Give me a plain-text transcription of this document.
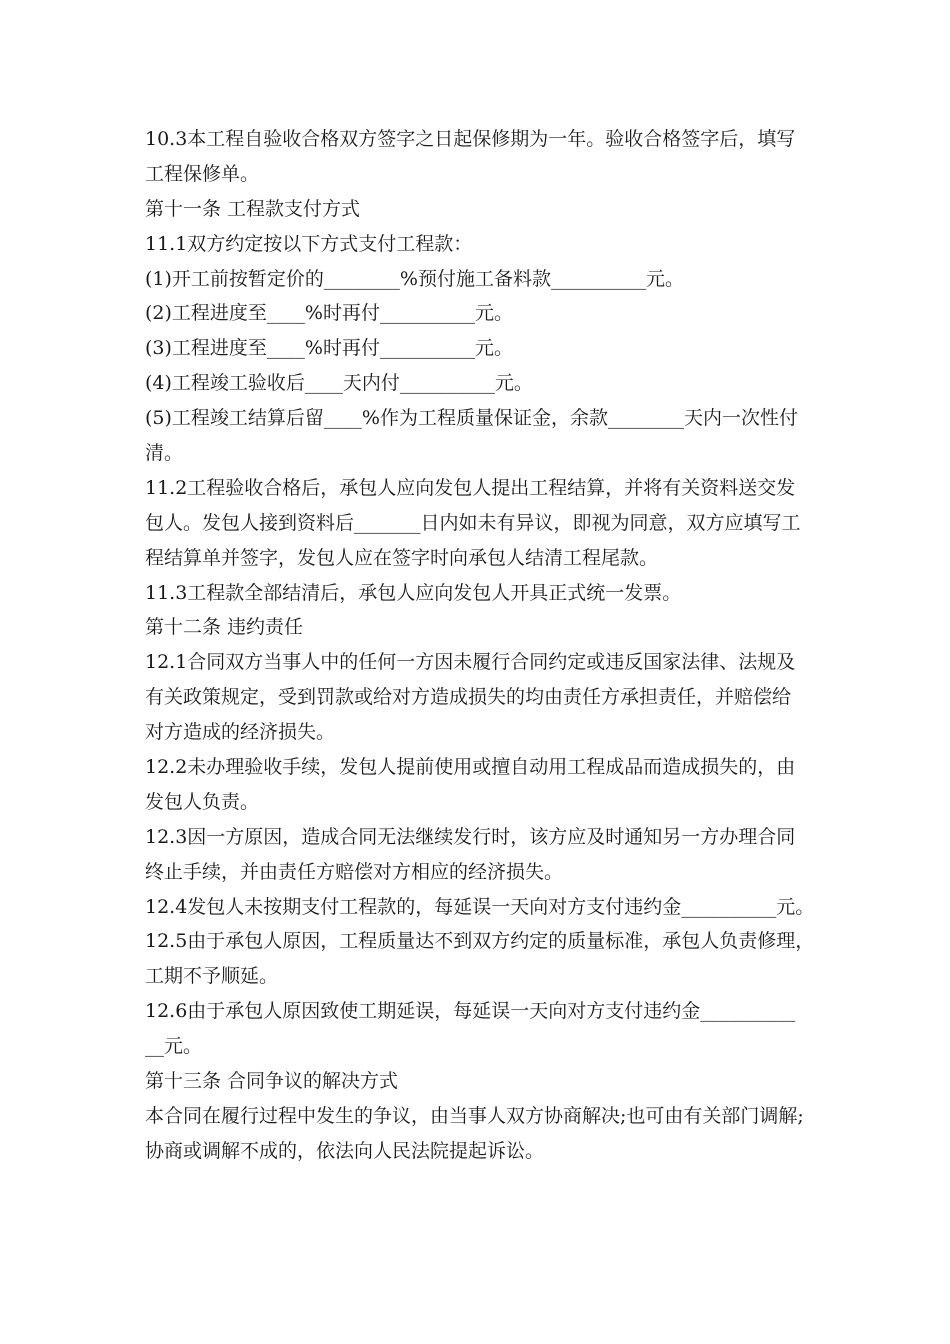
10.3本工程自验收合格双方签字之日起保修期为一年。验收合格签字后，填写
工程保修单。
第十一条 工程款支付方式
11.1双方约定按以下方式支付工程款：
(1)开工前按暂定价的________%预付施工备料款__________元。
(2)工程进度至____%时再付__________元。
(3)工程进度至____%时再付__________元。
(4)工程竣工验收后____天内付__________元。
(5)工程竣工结算后留____%作为工程质量保证金，余款________天内一次性付
清。
11.2工程验收合格后，承包人应向发包人提出工程结算，并将有关资料送交发
包人。发包人接到资料后_______日内如未有异议，即视为同意，双方应填写工
程结算单并签字，发包人应在签字时向承包人结清工程尾款。
11.3工程款全部结清后，承包人应向发包人开具正式统一发票。
第十二条 违约责任
12.1合同双方当事人中的任何一方因未履行合同约定或违反国家法律、法规及
有关政策规定，受到罚款或给对方造成损失的均由责任方承担责任，并赔偿给
对方造成的经济损失。
12.2未办理验收手续，发包人提前使用或擅自动用工程成品而造成损失的，由
发包人负责。
12.3因一方原因，造成合同无法继续发行时，该方应及时通知另一方办理合同
终止手续，并由责任方赔偿对方相应的经济损失。
12.4发包人未按期支付工程款的，每延误一天向对方支付违约金__________元。
12.5由于承包人原因，工程质量达不到双方约定的质量标准，承包人负责修理，
工期不予顺延。
12.6由于承包人原因致使工期延误，每延误一天向对方支付违约金__________
__元。
第十三条 合同争议的解决方式
本合同在履行过程中发生的争议，由当事人双方协商解决;也可由有关部门调解;
协商或调解不成的，依法向人民法院提起诉讼。
